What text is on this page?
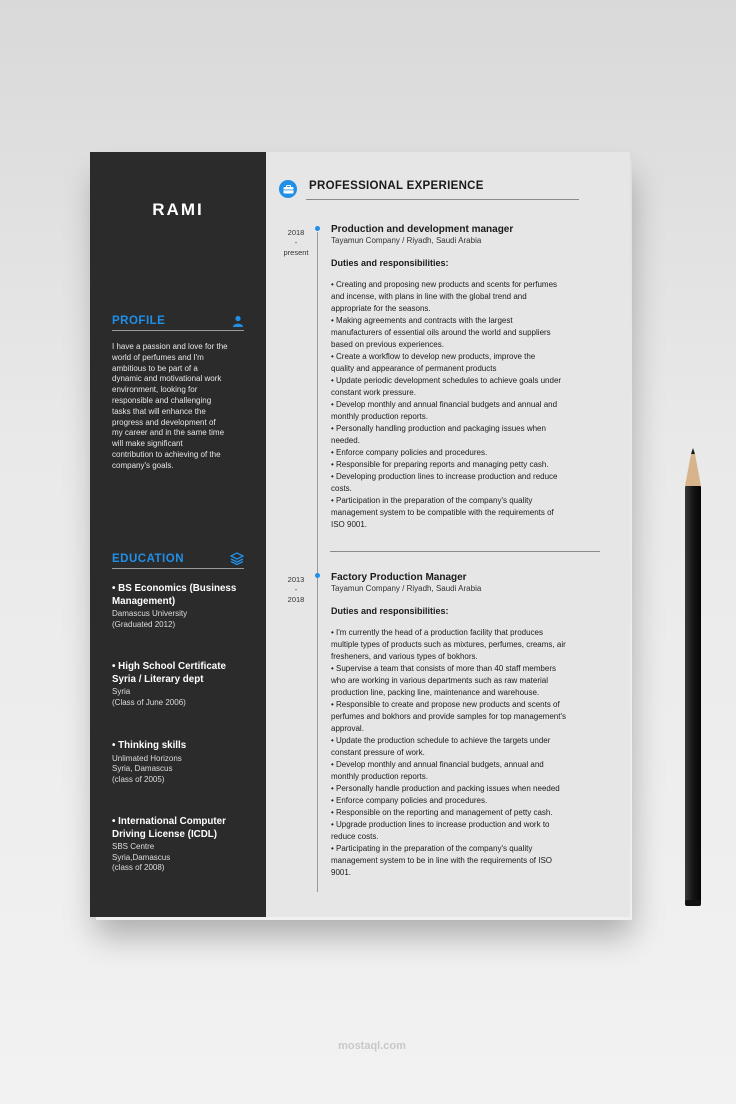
RAMI
PROFILE
I have a passion and love for the
world of perfumes and I'm
ambitious to be part of a
dynamic and motivational work
environment, looking for
responsible and challenging
tasks that will enhance the
progress and development of
my career and in the same time
will make significant
contribution to achieving of the
company's goals.
EDUCATION
• BS Economics (Business
Management)
Damascus University
(Graduated 2012)
• High School Certificate
Syria / Literary dept
Syria
(Class of June 2006)
• Thinking skills
Unlimated Horizons
Syria, Damascus
(class of 2005)
• International Computer
Driving License (ICDL)
SBS Centre
Syria,Damascus
(class of 2008)
PROFESSIONAL EXPERIENCE
2018
-
present
Production and development manager
Tayamun Company / Riyadh, Saudi Arabia
Duties and responsibilities:
• Creating and proposing new products and scents for perfumes
and incense, with plans in line with the global trend and
appropriate for the seasons.
• Making agreements and contracts with the largest
manufacturers of essential oils around the world and suppliers
based on previous experiences.
• Create a workflow to develop new products, improve the
quality and appearance of permanent products
• Update periodic development schedules to achieve goals under
constant work pressure.
• Develop monthly and annual financial budgets and annual and
monthly production reports.
• Personally handling production and packaging issues when
needed.
• Enforce company policies and procedures.
• Responsible for preparing reports and managing petty cash.
• Developing production lines to increase production and reduce
costs.
• Participation in the preparation of the company's quality
management system to be compatible with the requirements of
ISO 9001.
2013
-
2018
Factory Production Manager
Tayamun Company / Riyadh, Saudi Arabia
Duties and responsibilities:
• I'm currently the head of a production facility that produces
multiple types of products such as mixtures, perfumes, creams, air
fresheners, and various types of bokhors.
• Supervise a team that consists of more than 40 staff members
who are working in various departments such as raw material
production line, packing line, maintenance and warehouse.
• Responsible to create and propose new products and scents of
perfumes and bokhors and provide samples for top management's
approval.
• Update the production schedule to achieve the targets under
constant pressure of work.
• Develop monthly and annual financial budgets, annual and
monthly production reports.
• Personally handle production and packing issues when needed
• Enforce company policies and procedures.
• Responsible on the reporting and management of petty cash.
• Upgrade production lines to increase production and work to
reduce costs.
• Participating in the preparation of the company's quality
management system to be in line with the requirements of ISO
9001.
mostaql.com
